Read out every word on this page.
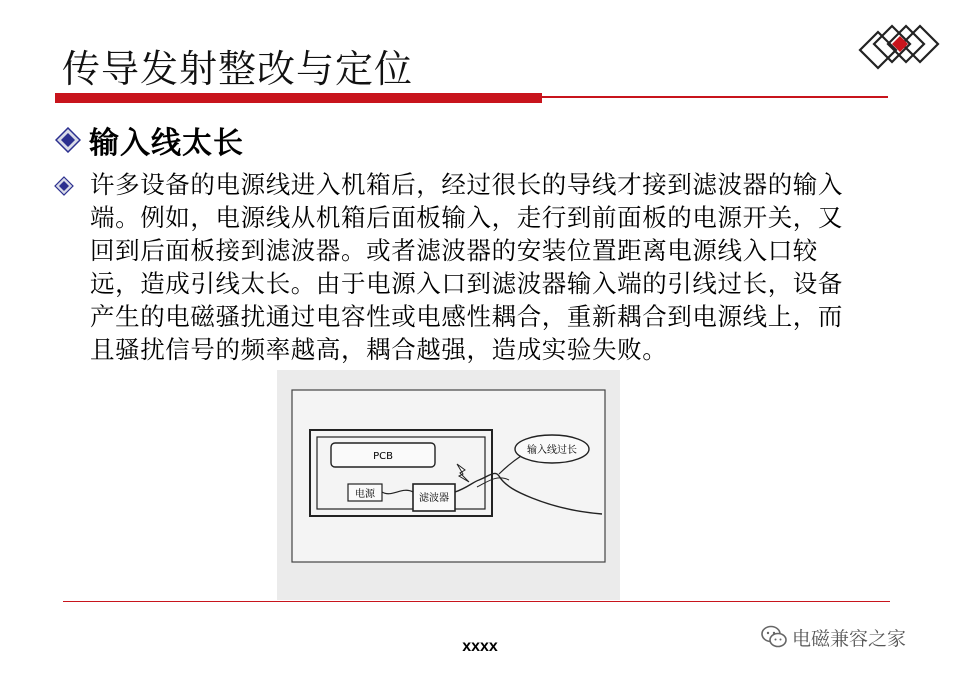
传导发射整改与定位
输入线太长
许多设备的电源线进入机箱后，经过很长的导线才接到滤波器的输入端。例如，电源线从机箱后面板输入，走行到前面板的电源开关，又回到后面板接到滤波器。或者滤波器的安装位置距离电源线入口较远，造成引线太长。由于电源入口到滤波器输入端的引线过长，设备产生的电磁骚扰通过电容性或电感性耦合，重新耦合到电源线上，而且骚扰信号的频率越高，耦合越强，造成实验失败。
PCB
电源	滤波器
输入线过长
xxxx	电磁兼容之家
